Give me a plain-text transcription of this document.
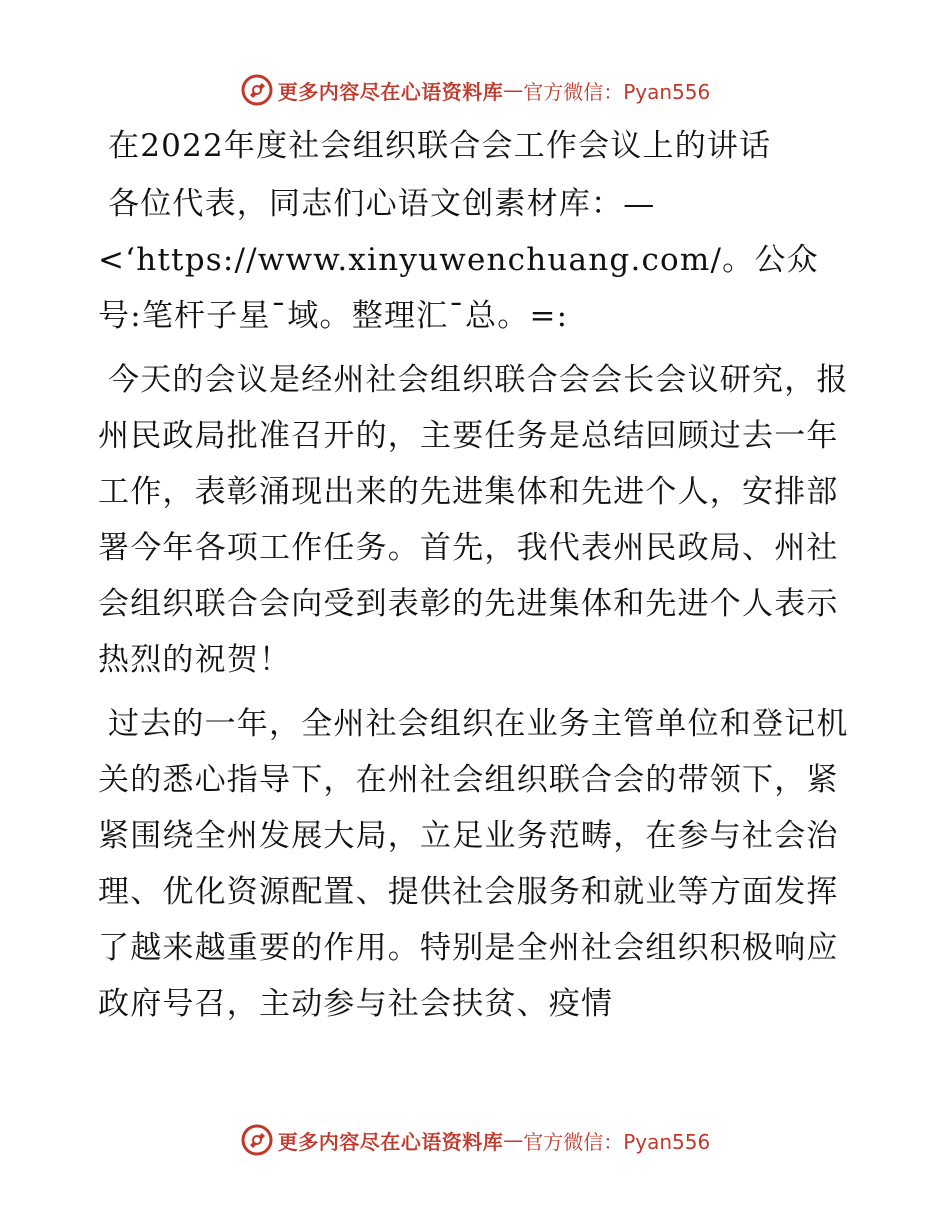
更多内容尽在心语资料库 — 官方微信：Pyan556
在2022年度社会组织联合会工作会议上的讲话

各位代表，同志们心语文创素材库：—<‘https://www.xinyuwenchuang.com/。公众号:笔杆子星¯域。整理汇¯总。=:

今天的会议是经州社会组织联合会会长会议研究，报州民政局批准召开的，主要任务是总结回顾过去一年工作，表彰涌现出来的先进集体和先进个人，安排部署今年各项工作任务。首先，我代表州民政局、州社会组织联合会向受到表彰的先进集体和先进个人表示热烈的祝贺！

过去的一年，全州社会组织在业务主管单位和登记机关的悉心指导下，在州社会组织联合会的带领下，紧紧围绕全州发展大局，立足业务范畴，在参与社会治理、优化资源配置、提供社会服务和就业等方面发挥了越来越重要的作用。特别是全州社会组织积极响应政府号召，主动参与社会扶贫、疫情

更多内容尽在心语资料库 — 官方微信：Pyan556
